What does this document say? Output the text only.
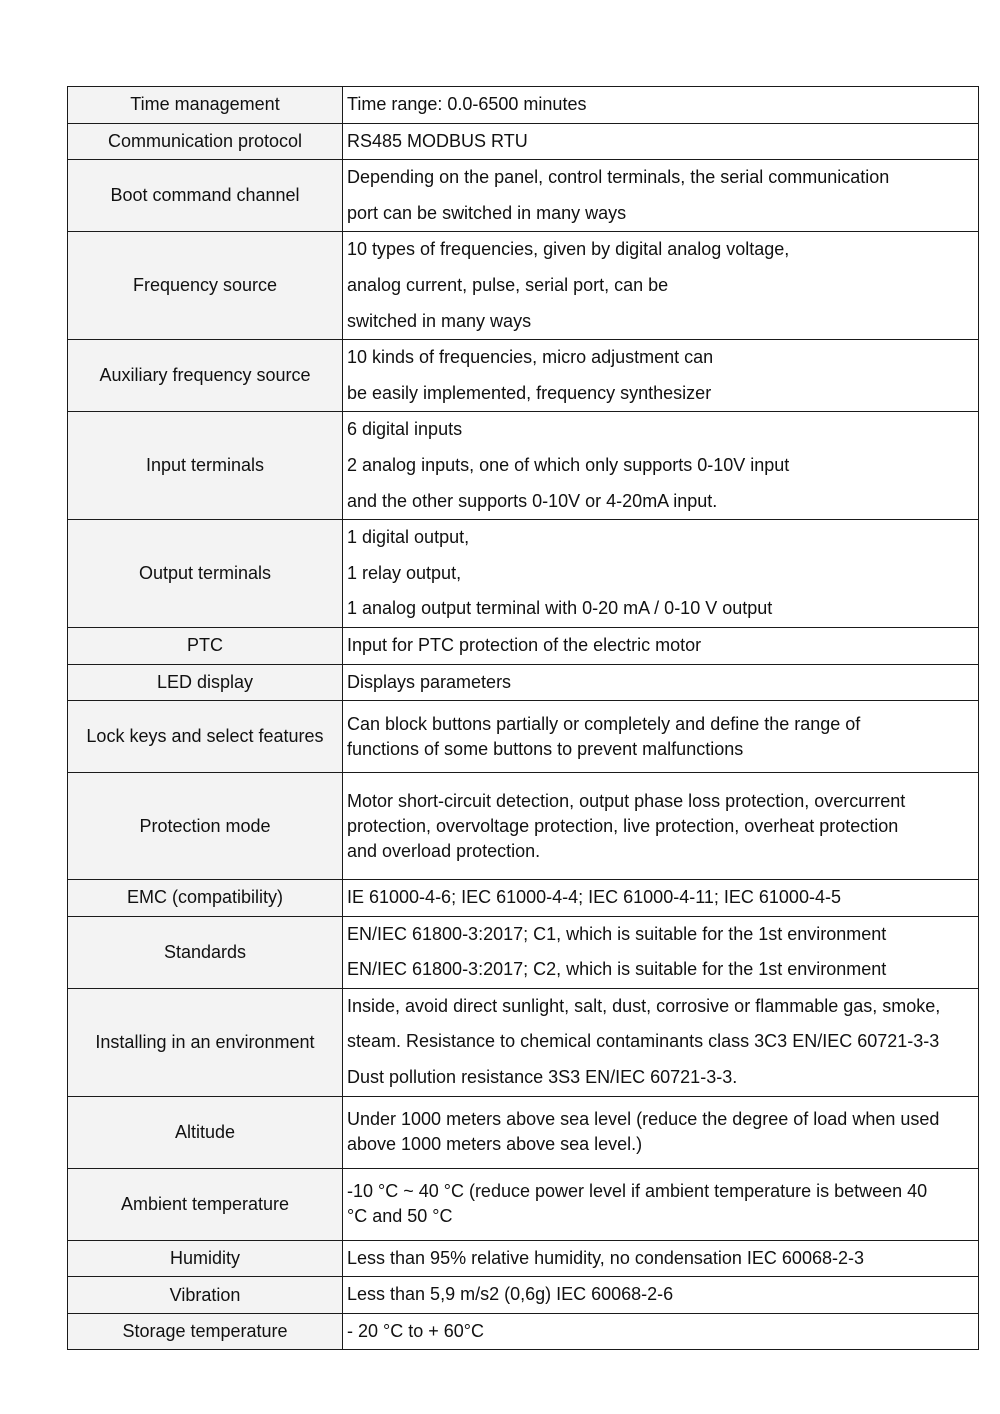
Time management	Time range: 0.0-6500 minutes

Communication protocol	RS485 MODBUS RTU

Boot command channel	Depending on the panel, control terminals, the serial communication
port can be switched in many ways

Frequency source	10 types of frequencies, given by digital analog voltage,
analog current, pulse, serial port, can be
switched in many ways

Auxiliary frequency source	10 kinds of frequencies, micro adjustment can
be easily implemented, frequency synthesizer

Input terminals	6 digital inputs
2 analog inputs, one of which only supports 0-10V input
and the other supports 0-10V or 4-20mA input.

Output terminals	1 digital output,
1 relay output,
1 analog output terminal with 0-20 mA / 0-10 V output

PTC	Input for PTC protection of the electric motor

LED display	Displays parameters

Lock keys and select features	Can block buttons partially or completely and define the range of
functions of some buttons to prevent malfunctions

Protection mode	Motor short-circuit detection, output phase loss protection, overcurrent
protection, overvoltage protection, live protection, overheat protection
and overload protection.

EMC (compatibility)	IE 61000-4-6; IEC 61000-4-4; IEC 61000-4-11; IEC 61000-4-5

Standards	EN/IEC 61800-3:2017; C1, which is suitable for the 1st environment
EN/IEC 61800-3:2017; C2, which is suitable for the 1st environment

Installing in an environment	Inside, avoid direct sunlight, salt, dust, corrosive or flammable gas, smoke,
steam. Resistance to chemical contaminants class 3C3 EN/IEC 60721-3-3
Dust pollution resistance 3S3 EN/IEC 60721-3-3.

Altitude	Under 1000 meters above sea level (reduce the degree of load when used
above 1000 meters above sea level.)

Ambient temperature	-10 °C ~ 40 °C (reduce power level if ambient temperature is between 40
°C and 50 °C

Humidity	Less than 95% relative humidity, no condensation IEC 60068-2-3

Vibration	Less than 5,9 m/s2 (0,6g) IEC 60068-2-6

Storage temperature	- 20 °C to + 60°C
